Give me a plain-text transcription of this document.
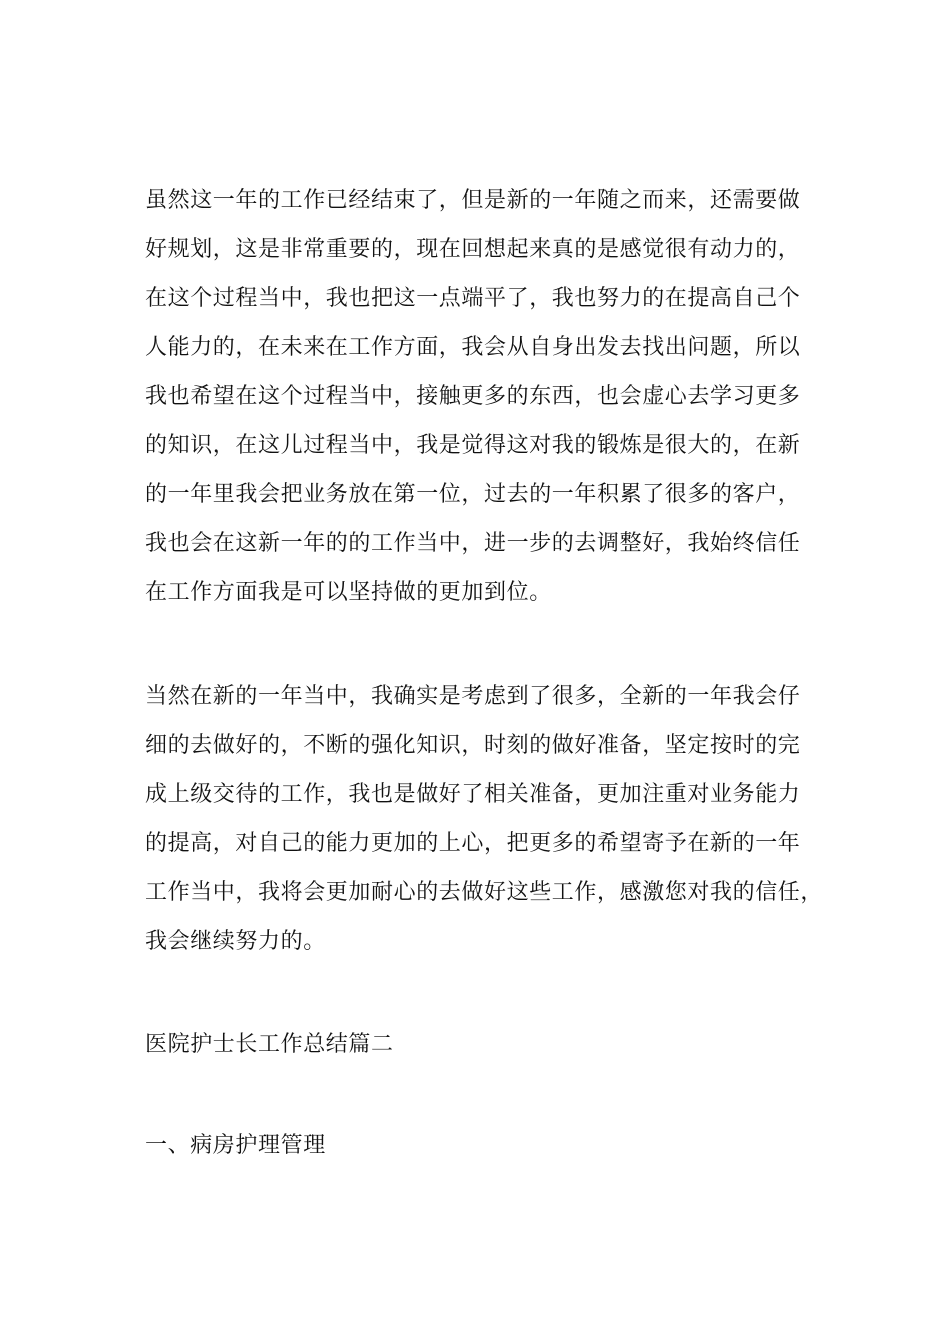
虽然这一年的工作已经结束了，但是新的一年随之而来，还需要做
好规划，这是非常重要的，现在回想起来真的是感觉很有动力的，
在这个过程当中，我也把这一点端平了，我也努力的在提高自己个
人能力的，在未来在工作方面，我会从自身出发去找出问题，所以
我也希望在这个过程当中，接触更多的东西，也会虚心去学习更多
的知识，在这儿过程当中，我是觉得这对我的锻炼是很大的，在新
的一年里我会把业务放在第一位，过去的一年积累了很多的客户，
我也会在这新一年的的工作当中，进一步的去调整好，我始终信任
在工作方面我是可以坚持做的更加到位。
当然在新的一年当中，我确实是考虑到了很多，全新的一年我会仔
细的去做好的，不断的强化知识，时刻的做好准备，坚定按时的完
成上级交待的工作，我也是做好了相关准备，更加注重对业务能力
的提高，对自己的能力更加的上心，把更多的希望寄予在新的一年
工作当中，我将会更加耐心的去做好这些工作，感激您对我的信任，
我会继续努力的。
医院护士长工作总结篇二
一、病房护理管理
